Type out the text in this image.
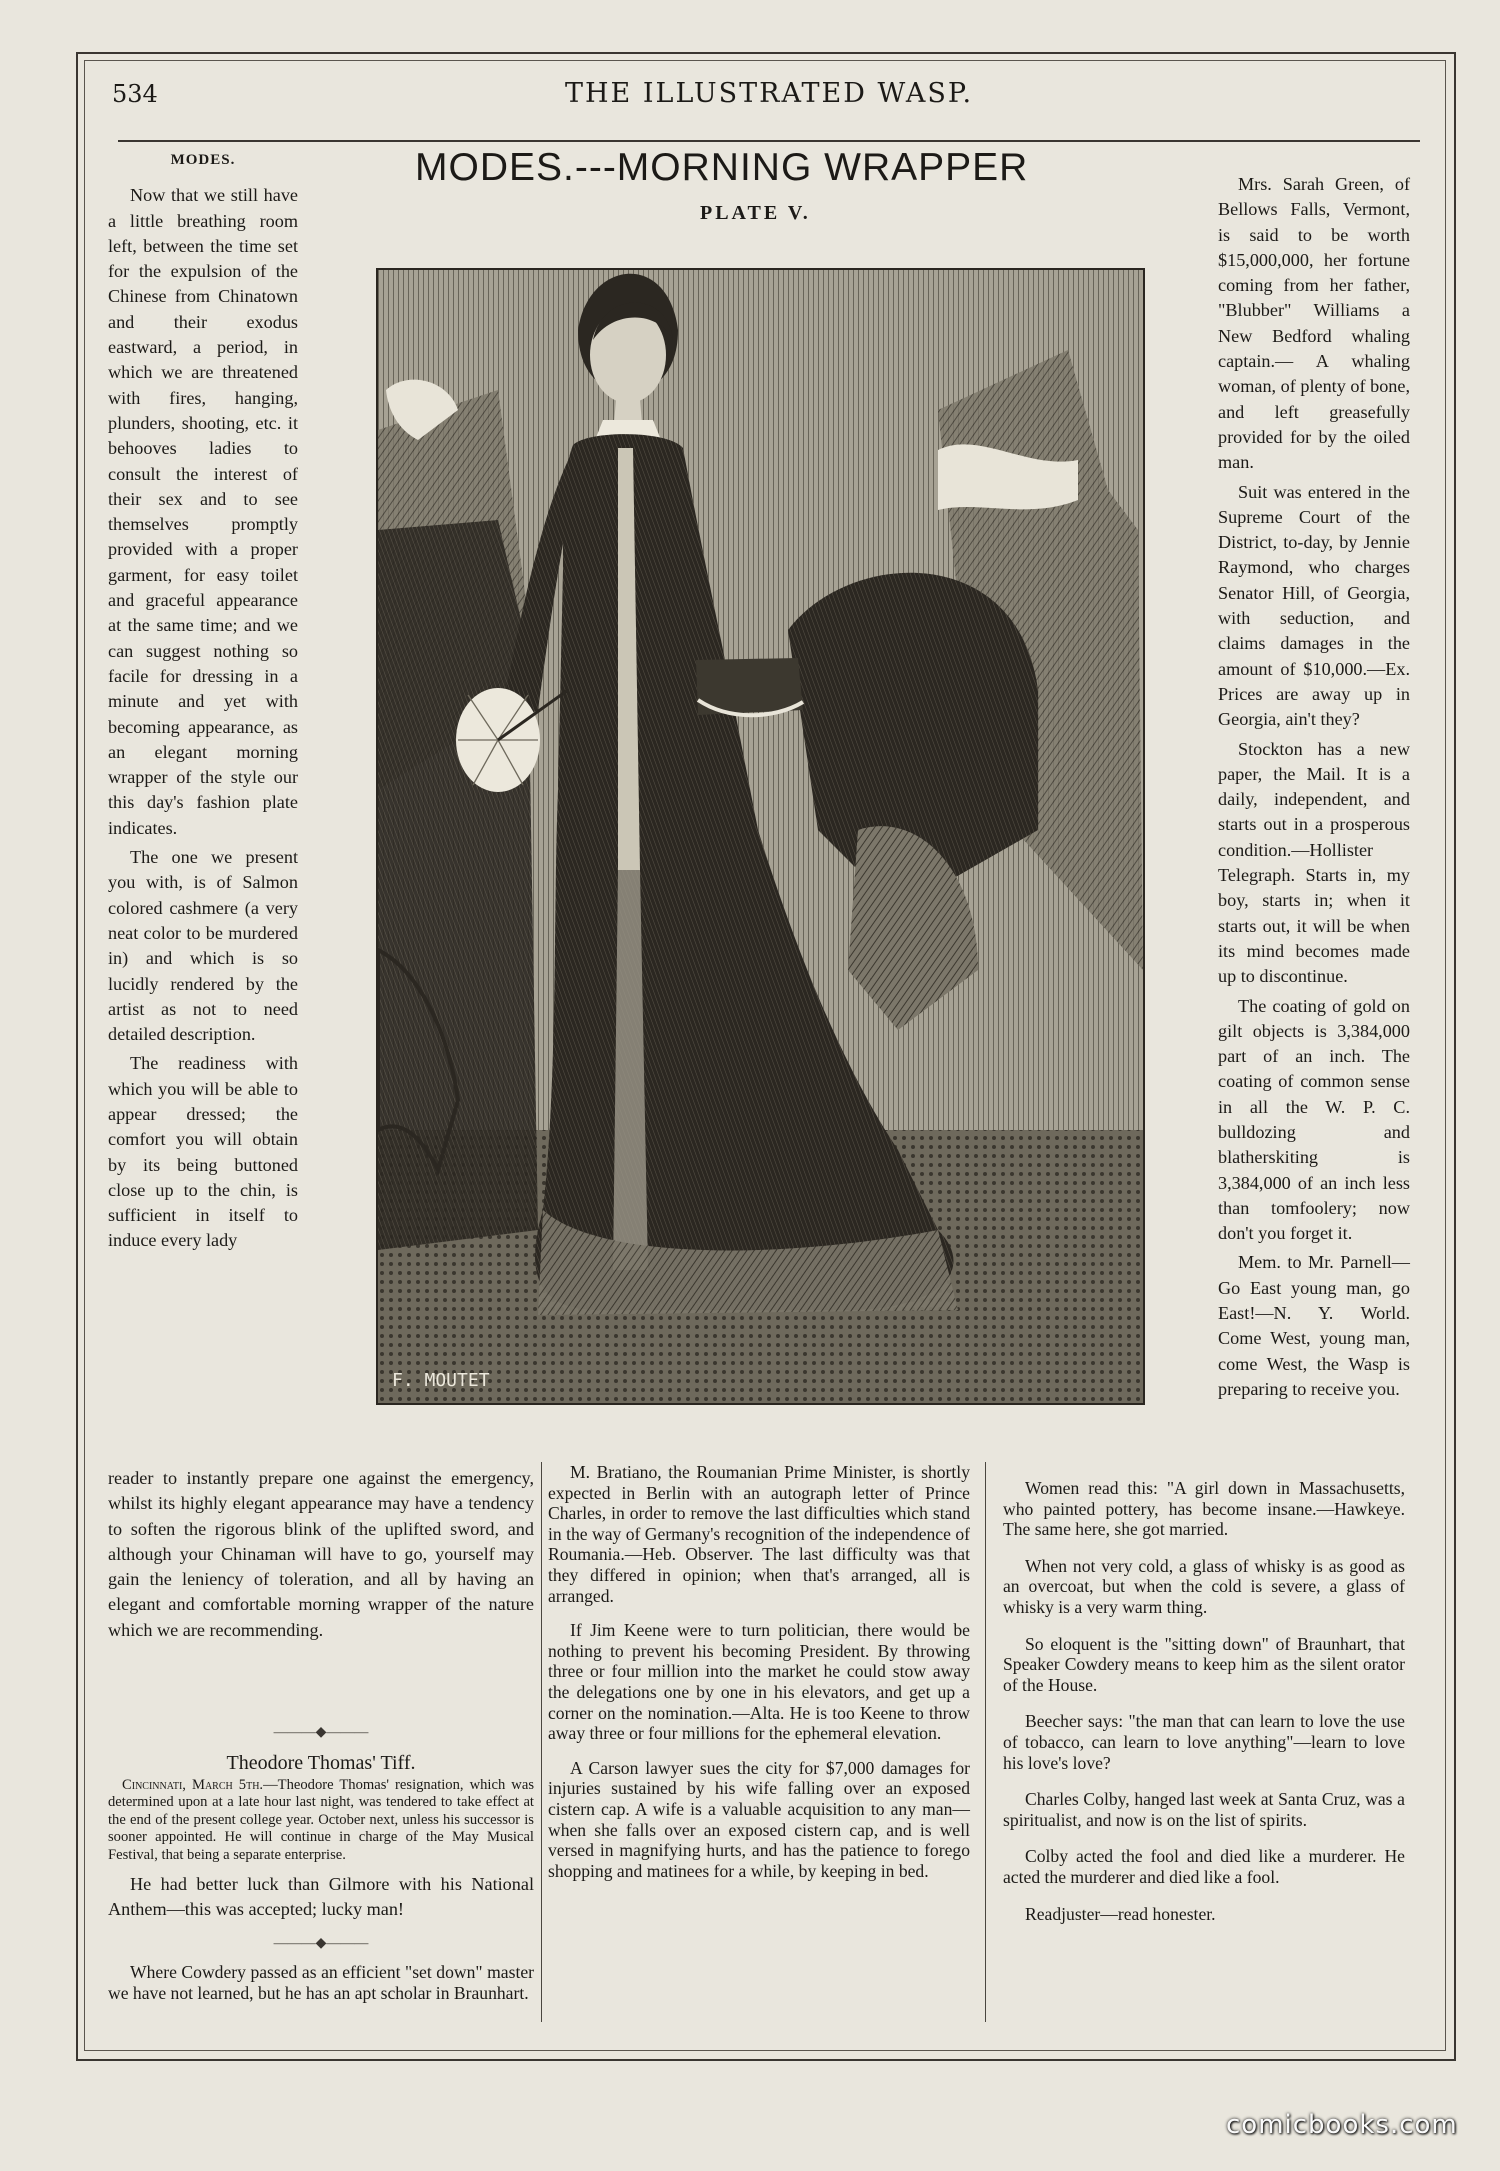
534	THE ILLUSTRATED WASP.

MODES.

Now that we still have a little breathing room left, between the time set for the expulsion of the Chinese from Chinatown and their exodus eastward, a period, in which we are threatened with fires, hanging, plunders, shooting, etc. it behooves ladies to consult the interest of their sex and to see themselves promptly provided with a proper garment, for easy toilet and graceful appearance at the same time; and we can suggest nothing so facile for dressing in a minute and yet with becoming appearance, as an elegant morning wrapper of the style our this day's fashion plate indicates.

The one we present you with, is of Salmon colored cashmere (a very neat color to be murdered in) and which is so lucidly rendered by the artist as not to need detailed description.

The readiness with which you will be able to appear dressed; the comfort you will obtain by its being buttoned close up to the chin, is sufficient in itself to induce every lady

MODES.---MORNING WRAPPER
PLATE V.
F. MOUTET

Mrs. Sarah Green, of Bellows Falls, Vermont, is said to be worth $15,000,000, her fortune coming from her father, "Blubber" Williams a New Bedford whaling captain.— A whaling woman, of plenty of bone, and left greasefully provided for by the oiled man.

Suit was entered in the Supreme Court of the District, to-day, by Jennie Raymond, who charges Senator Hill, of Georgia, with seduction, and claims damages in the amount of $10,000.—Ex. Prices are away up in Georgia, ain't they?

Stockton has a new paper, the Mail. It is a daily, independent, and starts out in a prosperous condition.—Hollister Telegraph. Starts in, my boy, starts in; when it starts out, it will be when its mind becomes made up to discontinue.

The coating of gold on gilt objects is 3,384,000 part of an inch. The coating of common sense in all the W. P. C. bulldozing and blatherskiting is 3,384,000 of an inch less than tomfoolery; now don't you forget it.

Mem. to Mr. Parnell—Go East young man, go East!—N. Y. World. Come West, young man, come West, the Wasp is preparing to receive you.

reader to instantly prepare one against the emergency, whilst its highly elegant appearance may have a tendency to soften the rigorous blink of the uplifted sword, and although your Chinaman will have to go, yourself may gain the leniency of toleration, and all by having an elegant and comfortable morning wrapper of the nature which we are recommending.

———◆———

Theodore Thomas' Tiff.

Cincinnati, March 5th.—Theodore Thomas' resignation, which was determined upon at a late hour last night, was tendered to take effect at the end of the present college year. October next, unless his successor is sooner appointed. He will continue in charge of the May Musical Festival, that being a separate enterprise.

He had better luck than Gilmore with his National Anthem—this was accepted; lucky man!

———◆———

Where Cowdery passed as an efficient "set down" master we have not learned, but he has an apt scholar in Braunhart.

M. Bratiano, the Roumanian Prime Minister, is shortly expected in Berlin with an autograph letter of Prince Charles, in order to remove the last difficulties which stand in the way of Germany's recognition of the independence of Roumania.—Heb. Observer. The last difficulty was that they differed in opinion; when that's arranged, all is arranged.

If Jim Keene were to turn politician, there would be nothing to prevent his becoming President. By throwing three or four million into the market he could stow away the delegations one by one in his elevators, and get up a corner on the nomination.—Alta. He is too Keene to throw away three or four millions for the ephemeral elevation.

A Carson lawyer sues the city for $7,000 damages for injuries sustained by his wife falling over an exposed cistern cap. A wife is a valuable acquisition to any man—when she falls over an exposed cistern cap, and is well versed in magnifying hurts, and has the patience to forego shopping and matinees for a while, by keeping in bed.

Women read this: "A girl down in Massachusetts, who painted pottery, has become insane.—Hawkeye. The same here, she got married.

When not very cold, a glass of whisky is as good as an overcoat, but when the cold is severe, a glass of whisky is a very warm thing.

So eloquent is the "sitting down" of Braunhart, that Speaker Cowdery means to keep him as the silent orator of the House.

Beecher says: "the man that can learn to love the use of tobacco, can learn to love anything"—learn to love his love's love?

Charles Colby, hanged last week at Santa Cruz, was a spiritualist, and now is on the list of spirits.

Colby acted the fool and died like a murderer. He acted the murderer and died like a fool.

Readjuster—read honester.

comicbooks.com
